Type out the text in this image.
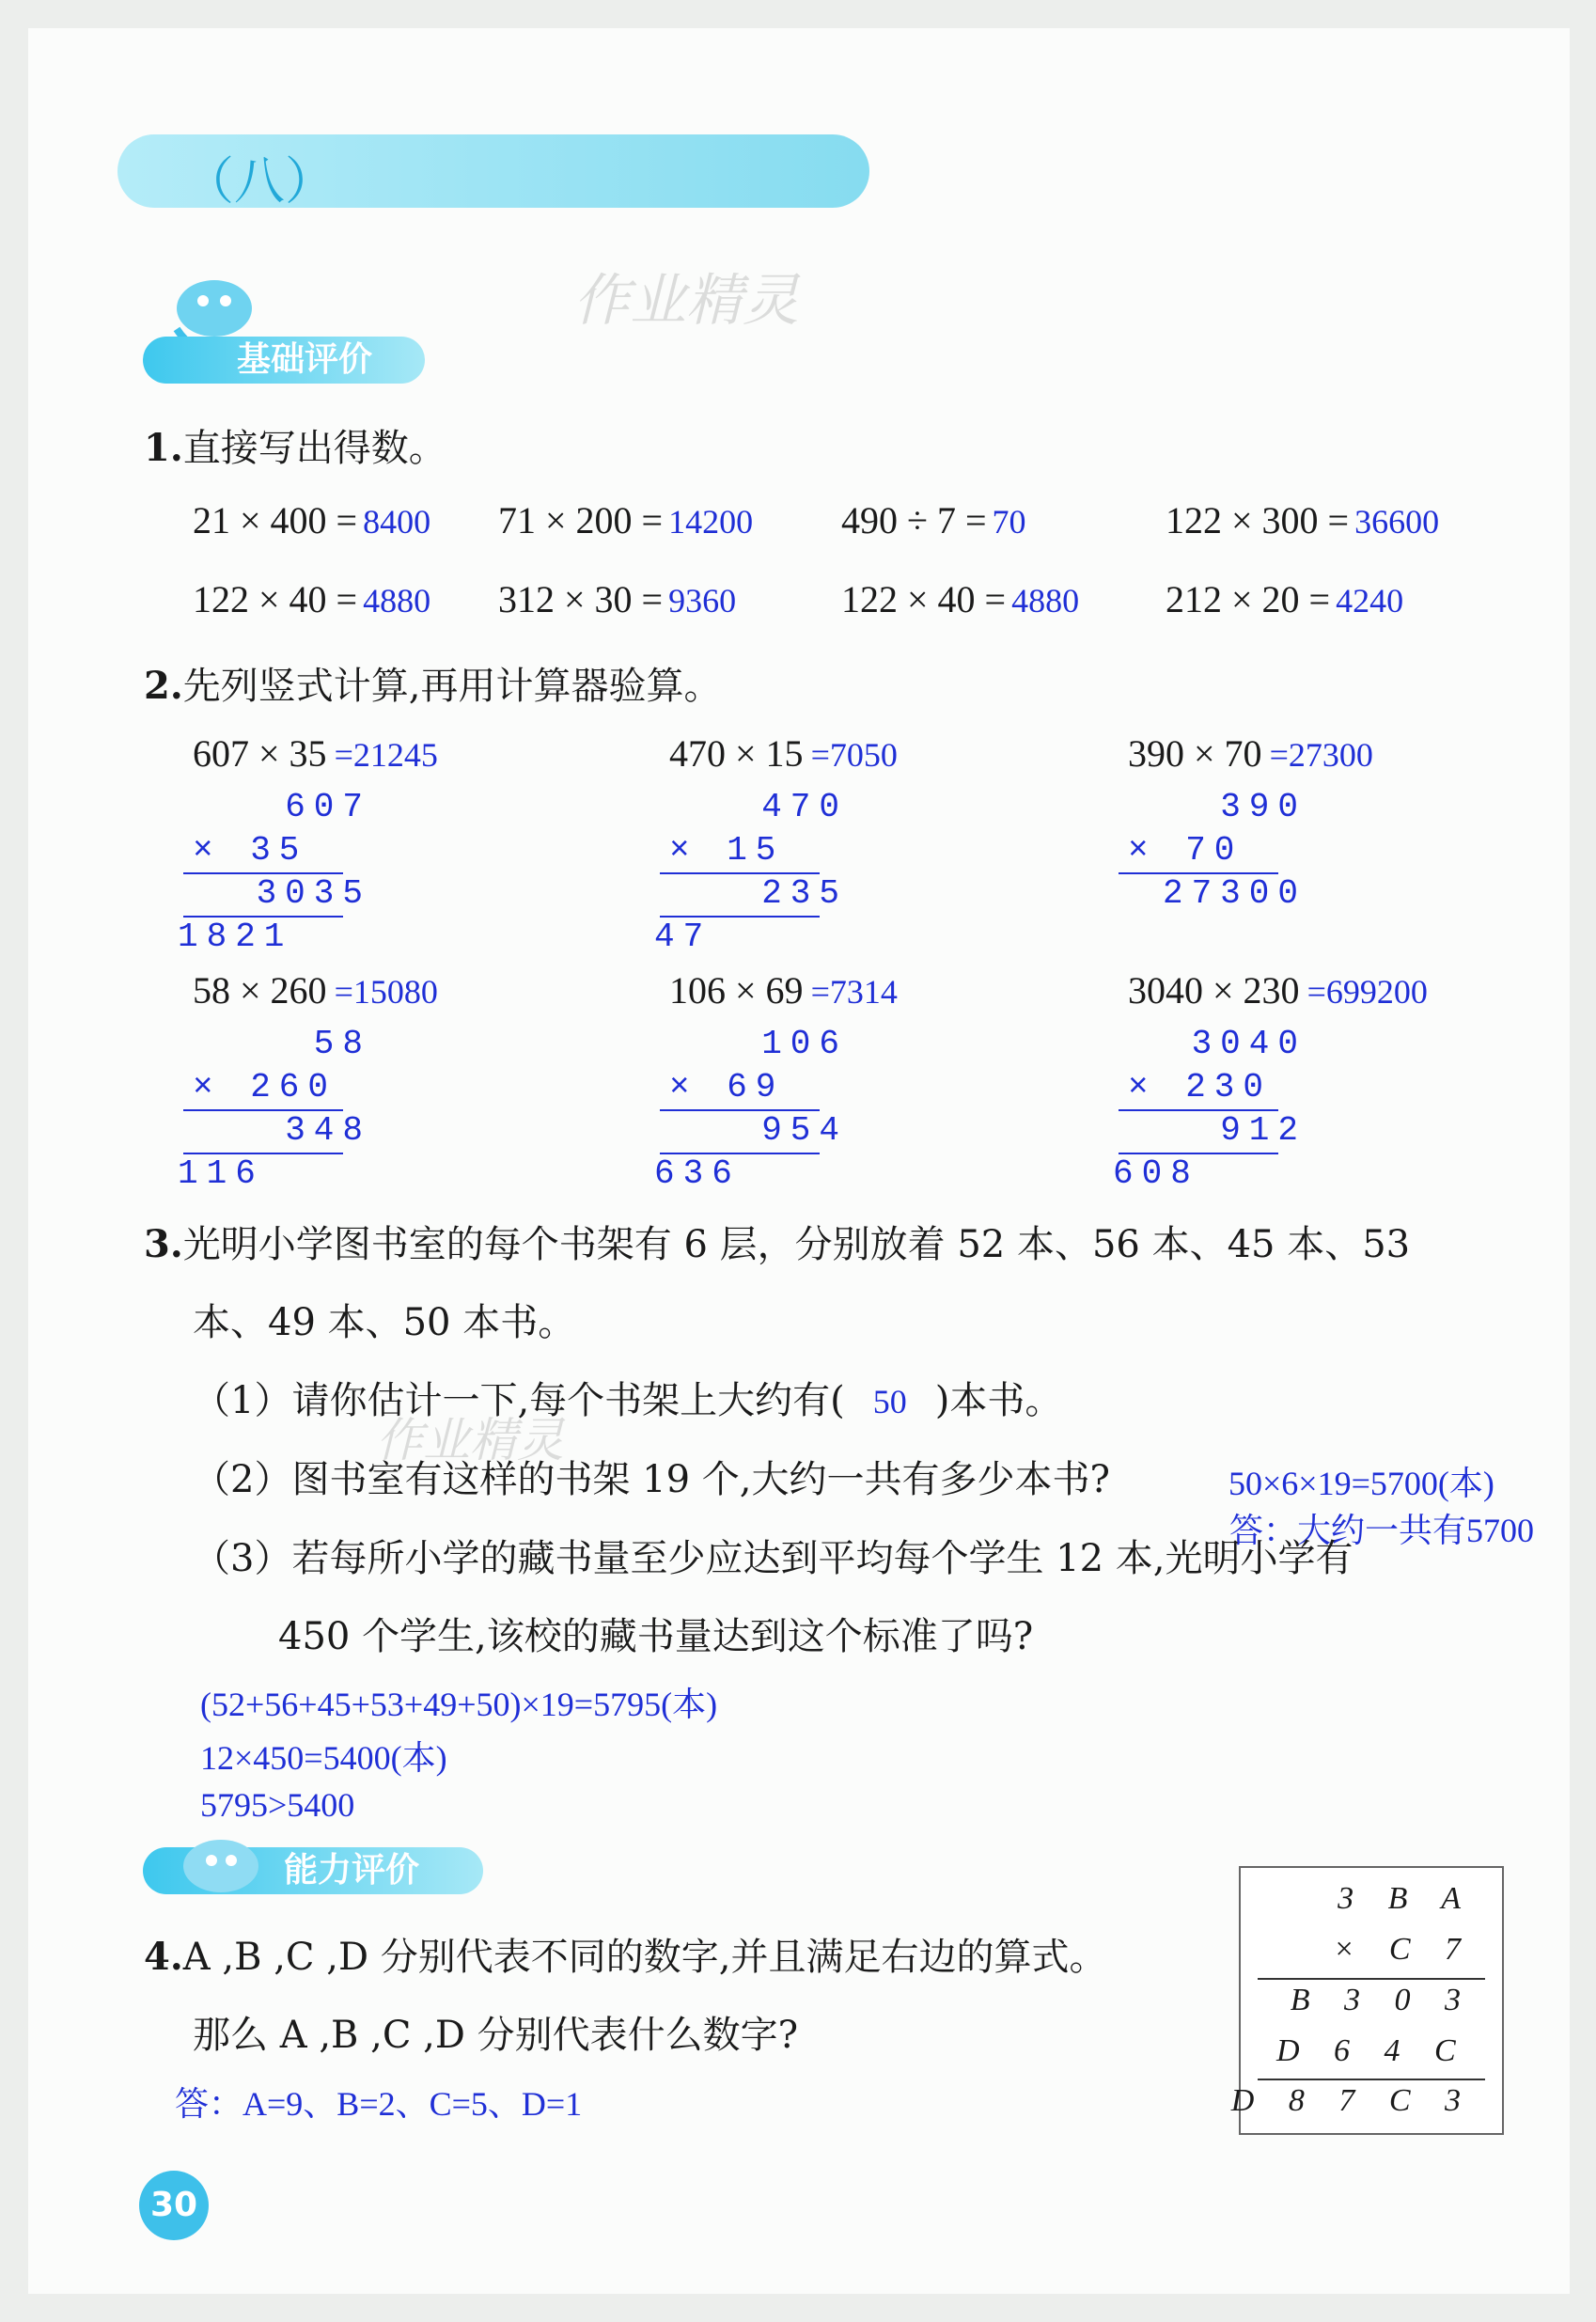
（八）
作业精灵
基础评价
1.直接写出得数。
21 × 400 = 8400 71 × 200 = 14200 490 ÷ 7 = 70	122 × 300 = 36600
122 × 40 = 4880 312 × 30 = 9360	122 × 40 = 4880 212 × 20 = 4240
2.先列竖式计算,再用计算器验算。
607 × 35 =21245
607
× 35
3035
1821
470 × 15 =7050
470
× 15
235
47
390 × 70 =27300
390
× 70
27300
58 × 260 =15080
58
× 260
348
116
106 × 69 =7314
106
× 69
954
636
3040 × 230 =699200
3040
× 230
912
608
3.光明小学图书室的每个书架有 6 层，分别放着 52 本、56 本、45 本、53
本、49 本、50 本书。
（1）请你估计一下,每个书架上大约有( 50 )本书。
作业精灵
（2）图书室有这样的书架 19 个,大约一共有多少本书?	50×6×19=5700(本)
（3）若每所小学的藏书量至少应达到平均每个学生 12 本,光明小学有
450 个学生,该校的藏书量达到这个标准了吗?
(52+56+45+53+49+50)×19=5795(本)
12×450=5400(本)
5795>5400
能力评价
4.A ,B ,C ,D 分别代表不同的数字,并且满足右边的算式。
那么 A ,B ,C ,D 分别代表什么数字?
答：A=9、B=2、C=5、D=1
3 B A
× C 7
B 3 0 3
D 6 4 C
D 8 7 C 3
30
